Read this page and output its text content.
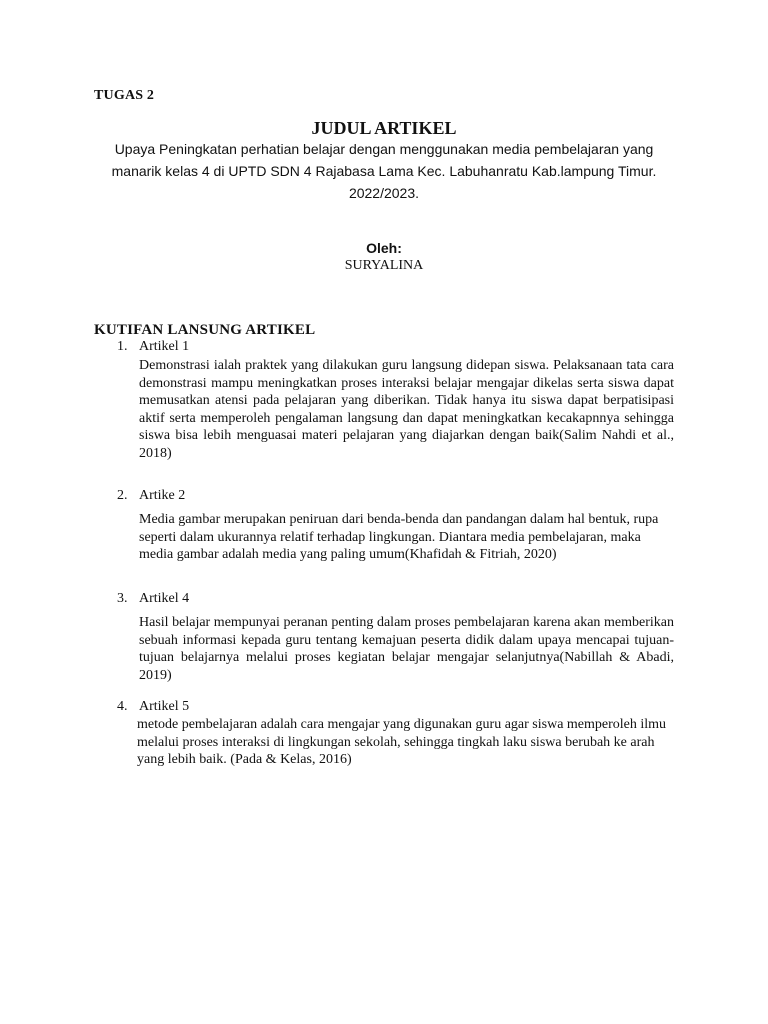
TUGAS 2
JUDUL ARTIKEL
Upaya Peningkatan perhatian belajar dengan menggunakan media pembelajaran yang manarik kelas 4 di UPTD SDN 4 Rajabasa Lama Kec. Labuhanratu Kab.lampung Timur. 2022/2023.
Oleh:
SURYALINA
KUTIFAN LANSUNG ARTIKEL
1. Artikel 1
Demonstrasi ialah praktek yang dilakukan guru langsung didepan siswa. Pelaksanaan tata cara demonstrasi mampu meningkatkan proses interaksi belajar mengajar dikelas serta siswa dapat memusatkan atensi pada pelajaran yang diberikan. Tidak hanya itu siswa dapat berpatisipasi aktif serta memperoleh pengalaman langsung dan dapat meningkatkan kecakapnnya sehingga siswa bisa lebih menguasai materi pelajaran yang diajarkan dengan baik(Salim Nahdi et al., 2018)
2. Artike 2
Media gambar merupakan peniruan dari benda-benda dan pandangan dalam hal bentuk, rupa seperti dalam ukurannya relatif terhadap lingkungan. Diantara media pembelajaran, maka media gambar adalah media yang paling umum(Khafidah & Fitriah, 2020)
3. Artikel 4
Hasil belajar mempunyai peranan penting dalam proses pembelajaran karena akan memberikan sebuah informasi kepada guru tentang kemajuan peserta didik dalam upaya mencapai tujuan-tujuan belajarnya melalui proses kegiatan belajar mengajar selanjutnya(Nabillah & Abadi, 2019)
4. Artikel 5
metode pembelajaran adalah cara mengajar yang digunakan guru agar siswa memperoleh ilmu melalui proses interaksi di lingkungan sekolah, sehingga tingkah laku siswa berubah ke arah yang lebih baik. (Pada & Kelas, 2016)
